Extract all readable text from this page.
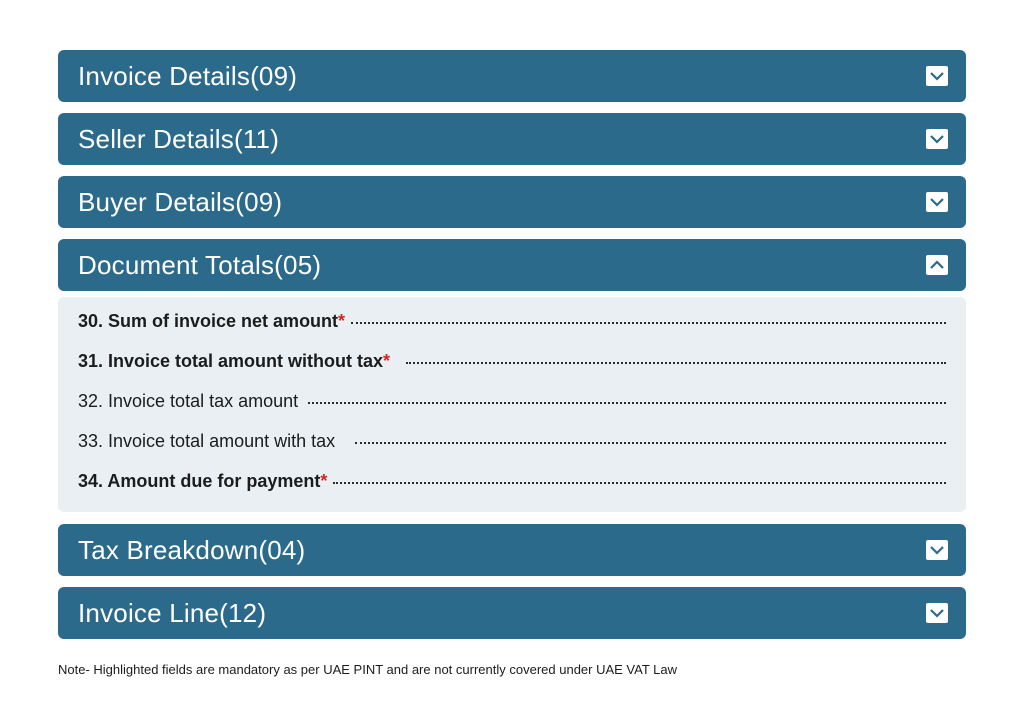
Invoice Details(09)
Seller Details(11)
Buyer Details(09)
Document Totals(05)
30. Sum of invoice net amount *
31. Invoice total amount without tax *
32. Invoice total tax amount
33. Invoice total amount with tax
34. Amount due for payment *
Tax Breakdown(04)
Invoice Line(12)
Note- Highlighted fields are mandatory as per UAE PINT and are not currently covered under UAE VAT Law
